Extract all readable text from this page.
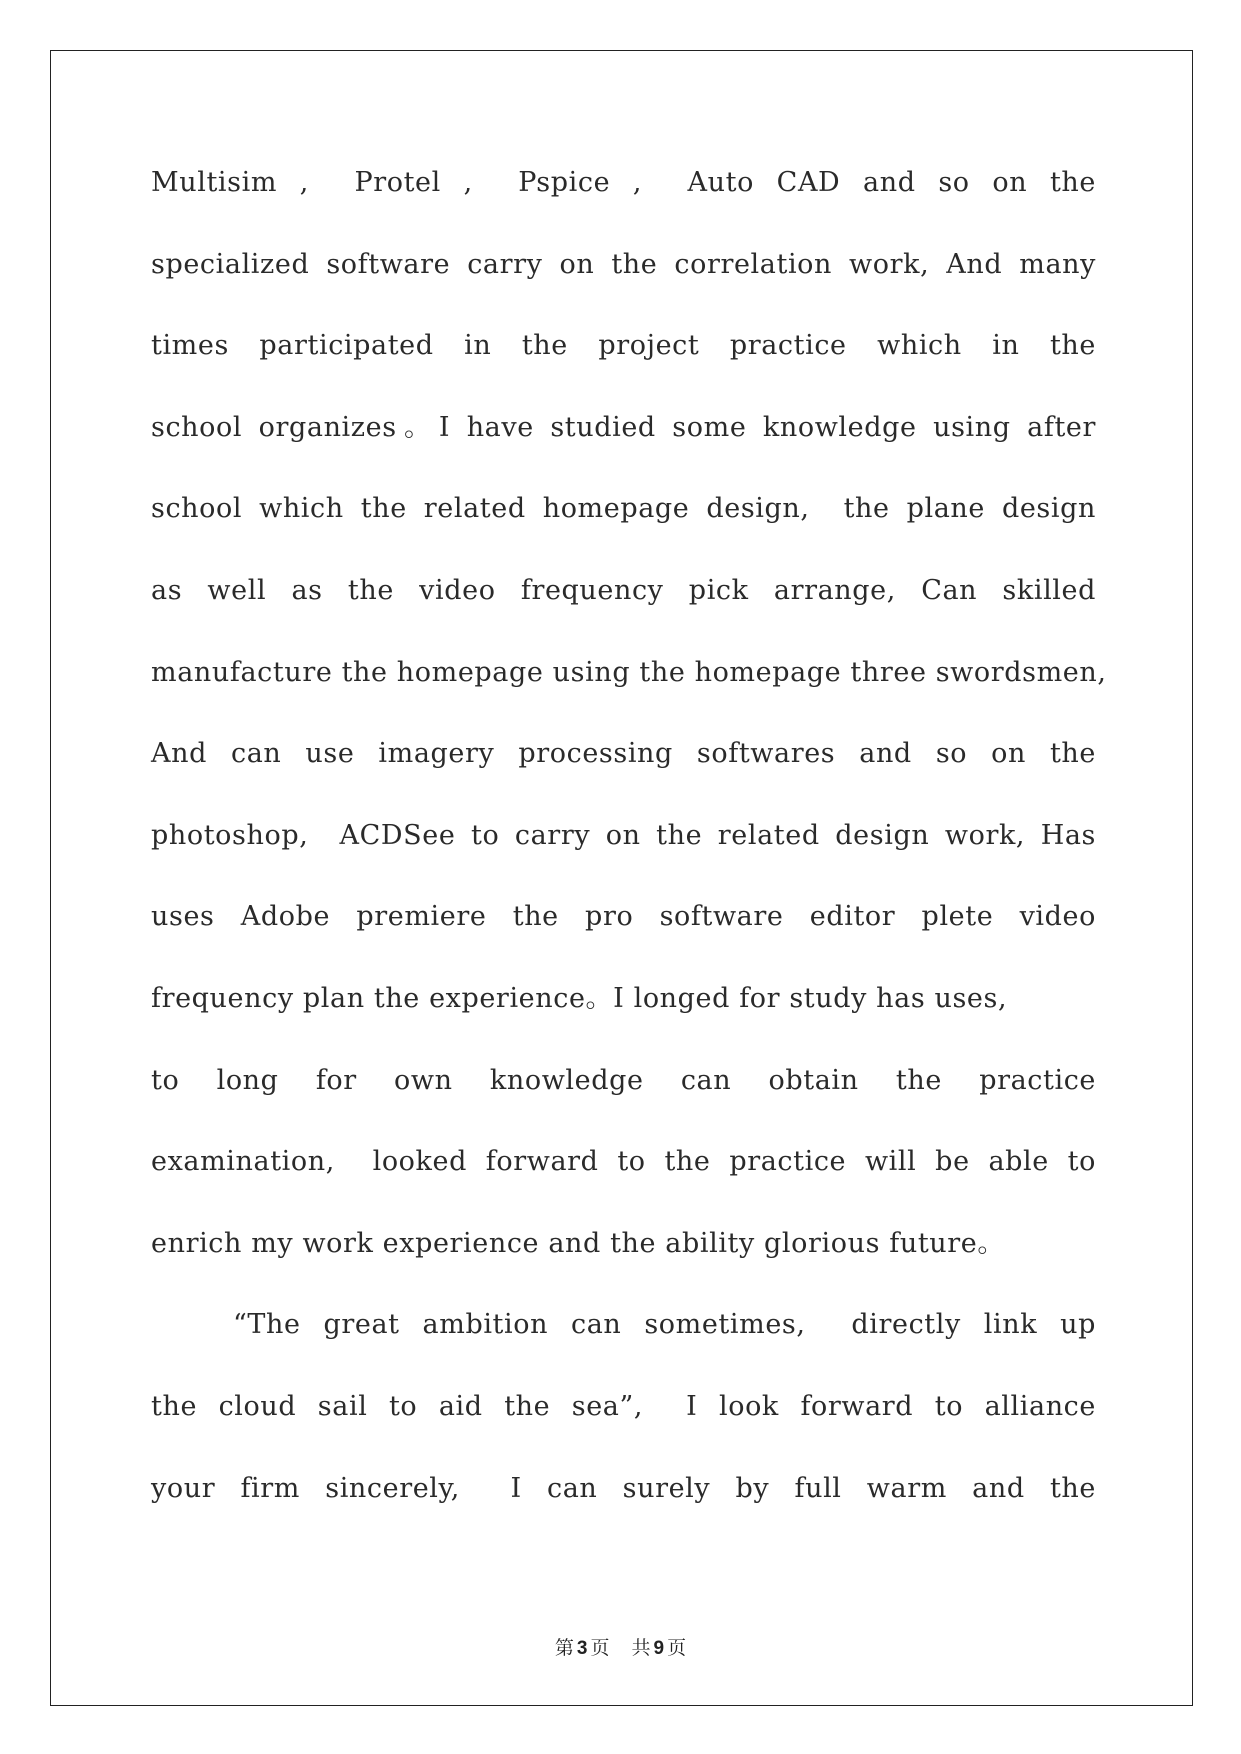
Multisim ,  Protel ,  Pspice ,  Auto CAD and so on the
specialized software carry on the correlation work, And many
times participated in the project practice which in the
school organizes。I have studied some knowledge using after
school which the related homepage design,  the plane design
as well as the video frequency pick arrange, Can skilled
manufacture the homepage using the homepage three swordsmen,
And can use imagery processing softwares and so on the
photoshop,  ACDSee to carry on the related design work, Has
uses Adobe premiere the pro software editor plete video
frequency plan the experience。I longed for study has uses,
to long for own knowledge can obtain the practice
examination,  looked forward to the practice will be able to
enrich my work experience and the ability glorious future。
“The great ambition can sometimes,  directly link up
the cloud sail to aid the sea”,  I look forward to alliance
your firm sincerely,  I can surely by full warm and the
第 3 页 共 9 页
